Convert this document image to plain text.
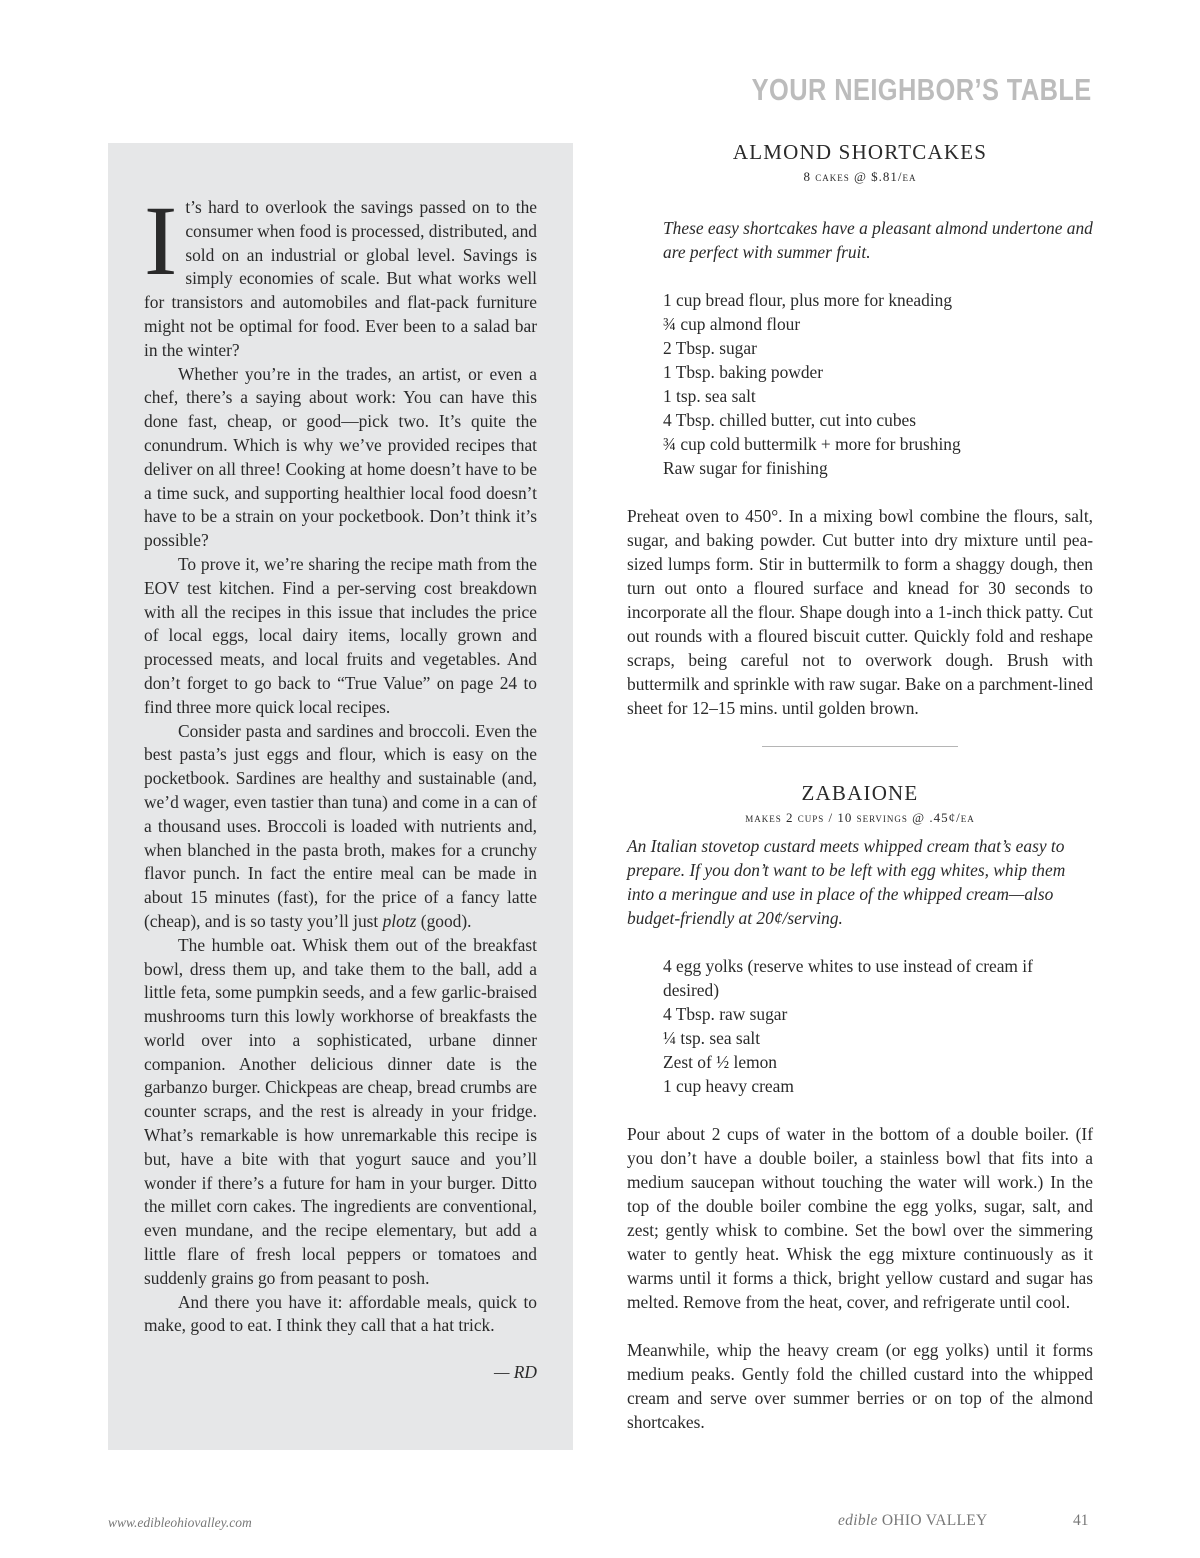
YOUR NEIGHBOR’S TABLE

It’s hard to overlook the savings passed on to the consumer when food is processed, distributed, and sold on an industrial or global level. Savings is simply economies of scale. But what works well for transistors and automobiles and flat-pack furniture might not be optimal for food. Ever been to a salad bar in the winter?

Whether you’re in the trades, an artist, or even a chef, there’s a saying about work: You can have this done fast, cheap, or good—pick two. It’s quite the conundrum. Which is why we’ve provided recipes that deliver on all three! Cooking at home doesn’t have to be a time suck, and supporting healthier local food doesn’t have to be a strain on your pocketbook. Don’t think it’s possible?

To prove it, we’re sharing the recipe math from the EOV test kitchen. Find a per-serving cost breakdown with all the recipes in this issue that includes the price of local eggs, local dairy items, locally grown and processed meats, and local fruits and vegetables. And don’t forget to go back to “True Value” on page 24 to find three more quick local recipes.

Consider pasta and sardines and broccoli. Even the best pasta’s just eggs and flour, which is easy on the pocketbook. Sardines are healthy and sustainable (and, we’d wager, even tastier than tuna) and come in a can of a thousand uses. Broccoli is loaded with nutrients and, when blanched in the pasta broth, makes for a crunchy flavor punch. In fact the entire meal can be made in about 15 minutes (fast), for the price of a fancy latte (cheap), and is so tasty you’ll just plotz (good).

The humble oat. Whisk them out of the breakfast bowl, dress them up, and take them to the ball, add a little feta, some pumpkin seeds, and a few garlic-braised mushrooms turn this lowly workhorse of breakfasts the world over into a sophisticated, urbane dinner companion. Another delicious dinner date is the garbanzo burger. Chickpeas are cheap, bread crumbs are counter scraps, and the rest is already in your fridge. What’s remarkable is how unremarkable this recipe is but, have a bite with that yogurt sauce and you’ll wonder if there’s a future for ham in your burger. Ditto the millet corn cakes. The ingredients are conventional, even mundane, and the recipe elementary, but add a little flare of fresh local peppers or tomatoes and suddenly grains go from peasant to posh.

And there you have it: affordable meals, quick to make, good to eat. I think they call that a hat trick.

— RD
ALMOND SHORTCAKES
8 cakes @ $.81/ea

These easy shortcakes have a pleasant almond undertone and are perfect with summer fruit.

1 cup bread flour, plus more for kneading
¾ cup almond flour
2 Tbsp. sugar
1 Tbsp. baking powder
1 tsp. sea salt
4 Tbsp. chilled butter, cut into cubes
¾ cup cold buttermilk + more for brushing
Raw sugar for finishing

Preheat oven to 450°. In a mixing bowl combine the flours, salt, sugar, and baking powder. Cut butter into dry mixture until pea-sized lumps form. Stir in buttermilk to form a shaggy dough, then turn out onto a floured surface and knead for 30 seconds to incorporate all the flour. Shape dough into a 1-inch thick patty. Cut out rounds with a floured biscuit cutter. Quickly fold and reshape scraps, being careful not to overwork dough. Brush with buttermilk and sprinkle with raw sugar. Bake on a parchment-lined sheet for 12–15 mins. until golden brown.

ZABAIONE
makes 2 cups / 10 servings @ .45¢/ea

An Italian stovetop custard meets whipped cream that’s easy to prepare. If you don’t want to be left with egg whites, whip them into a meringue and use in place of the whipped cream—also budget-friendly at 20¢/serving.

4 egg yolks (reserve whites to use instead of cream if desired)
4 Tbsp. raw sugar
¼ tsp. sea salt
Zest of ½ lemon
1 cup heavy cream

Pour about 2 cups of water in the bottom of a double boiler. (If you don’t have a double boiler, a stainless bowl that fits into a medium saucepan without touching the water will work.) In the top of the double boiler combine the egg yolks, sugar, salt, and zest; gently whisk to combine. Set the bowl over the simmering water to gently heat. Whisk the egg mixture continuously as it warms until it forms a thick, bright yellow custard and sugar has melted. Remove from the heat, cover, and refrigerate until cool.

Meanwhile, whip the heavy cream (or egg yolks) until it forms medium peaks. Gently fold the chilled custard into the whipped cream and serve over summer berries or on top of the almond shortcakes.

www.edibleohiovalley.com	edible OHIO VALLEY	41
